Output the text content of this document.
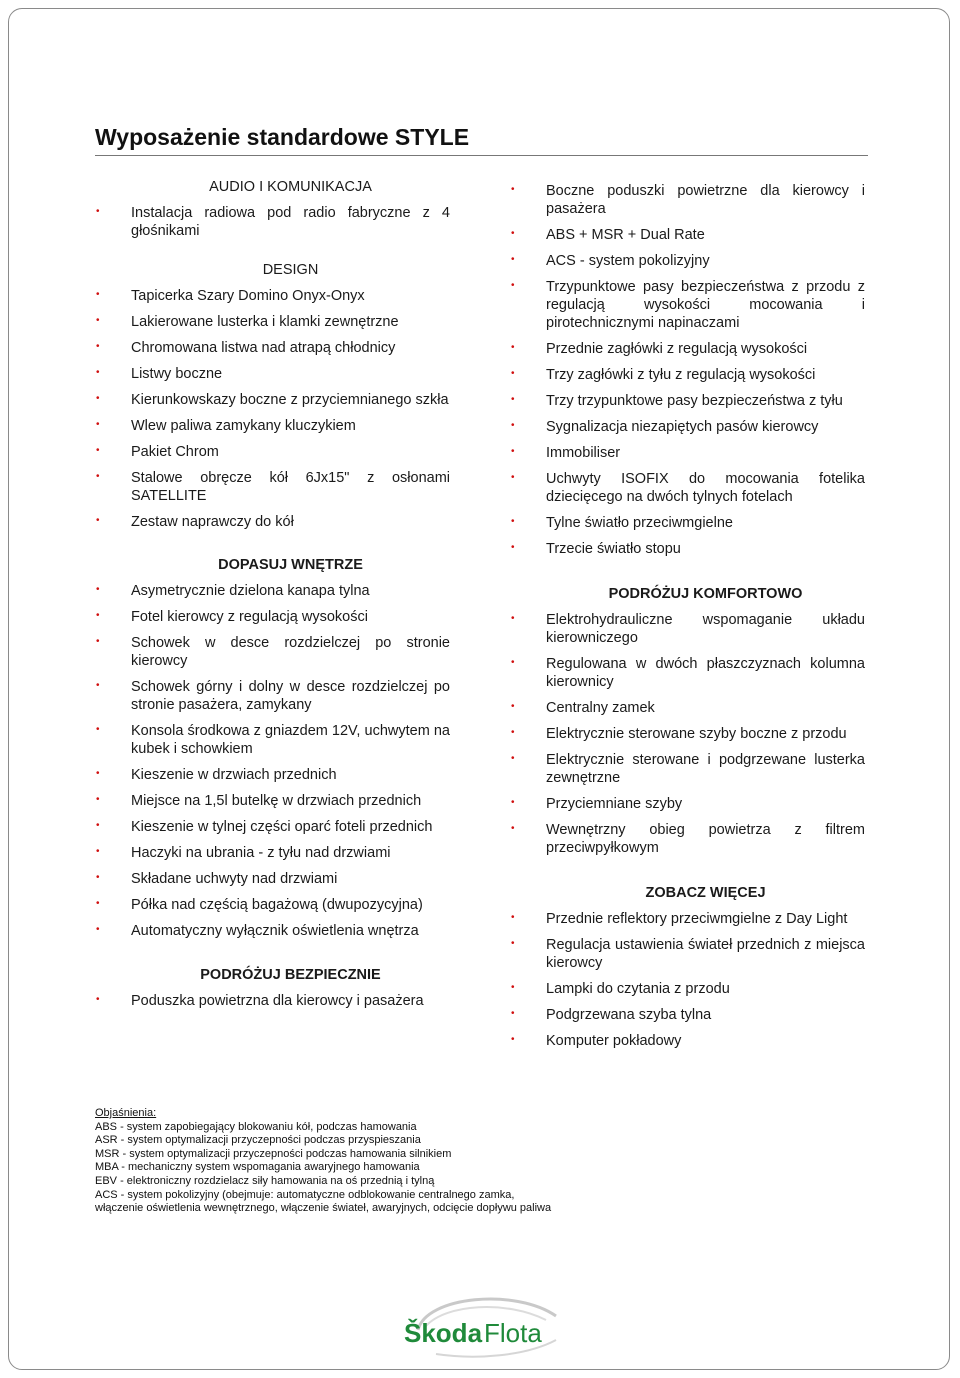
Wyposażenie standardowe STYLE
AUDIO I KOMUNIKACJA
• Instalacja radiowa pod radio fabryczne z 4 głośnikami
DESIGN
• Tapicerka Szary Domino Onyx-Onyx
• Lakierowane lusterka i klamki zewnętrzne
• Chromowana listwa nad atrapą chłodnicy
• Listwy boczne
• Kierunkowskazy boczne z przyciemnianego szkła
• Wlew paliwa zamykany kluczykiem
• Pakiet Chrom
• Stalowe obręcze kół 6Jx15" z osłonami SATELLITE
• Zestaw naprawczy do kół
DOPASUJ WNĘTRZE
• Asymetrycznie dzielona kanapa tylna
• Fotel kierowcy z regulacją wysokości
• Schowek w desce rozdzielczej po stronie kierowcy
• Schowek górny i dolny w desce rozdzielczej po stronie pasażera, zamykany
• Konsola środkowa z gniazdem 12V, uchwytem na kubek i schowkiem
• Kieszenie w drzwiach przednich
• Miejsce na 1,5l butelkę w drzwiach przednich
• Kieszenie w tylnej części oparć foteli przednich
• Haczyki na ubrania - z tyłu nad drzwiami
• Składane uchwyty nad drzwiami
• Półka nad częścią bagażową (dwupozycyjna)
• Automatyczny wyłącznik oświetlenia wnętrza
PODRÓŻUJ BEZPIECZNIE
• Poduszka powietrzna dla kierowcy i pasażera
• Boczne poduszki powietrzne dla kierowcy i pasażera
• ABS + MSR + Dual Rate
• ACS - system pokolizyjny
• Trzypunktowe pasy bezpieczeństwa z przodu z regulacją wysokości mocowania i pirotechnicznymi napinaczami
• Przednie zagłówki z regulacją wysokości
• Trzy zagłówki z tyłu z regulacją wysokości
• Trzy trzypunktowe pasy bezpieczeństwa z tyłu
• Sygnalizacja niezapiętych pasów kierowcy
• Immobiliser
• Uchwyty ISOFIX do mocowania fotelika dziecięcego na dwóch tylnych fotelach
• Tylne światło przeciwmgielne
• Trzecie światło stopu
PODRÓŻUJ KOMFORTOWO
• Elektrohydrauliczne wspomaganie układu kierowniczego
• Regulowana w dwóch płaszczyznach kolumna kierownicy
• Centralny zamek
• Elektrycznie sterowane szyby boczne z przodu
• Elektrycznie sterowane i podgrzewane lusterka zewnętrzne
• Przyciemniane szyby
• Wewnętrzny obieg powietrza z filtrem przeciwpyłkowym
ZOBACZ WIĘCEJ
• Przednie reflektory przeciwmgielne z Day Light
• Regulacja ustawienia świateł przednich z miejsca kierowcy
• Lampki do czytania z przodu
• Podgrzewana szyba tylna
• Komputer pokładowy
Objaśnienia:
ABS - system zapobiegający blokowaniu kół, podczas hamowania
ASR - system optymalizacji przyczepności podczas przyspieszania
MSR - system optymalizacji przyczepności podczas hamowania silnikiem
MBA - mechaniczny system wspomagania awaryjnego hamowania
EBV - elektroniczny rozdzielacz siły hamowania na oś przednią i tylną
ACS - system pokolizyjny (obejmuje: automatyczne odblokowanie centralnego zamka,
włączenie oświetlenia wewnętrznego, włączenie świateł, awaryjnych, odcięcie dopływu paliwa
Škoda Flota
